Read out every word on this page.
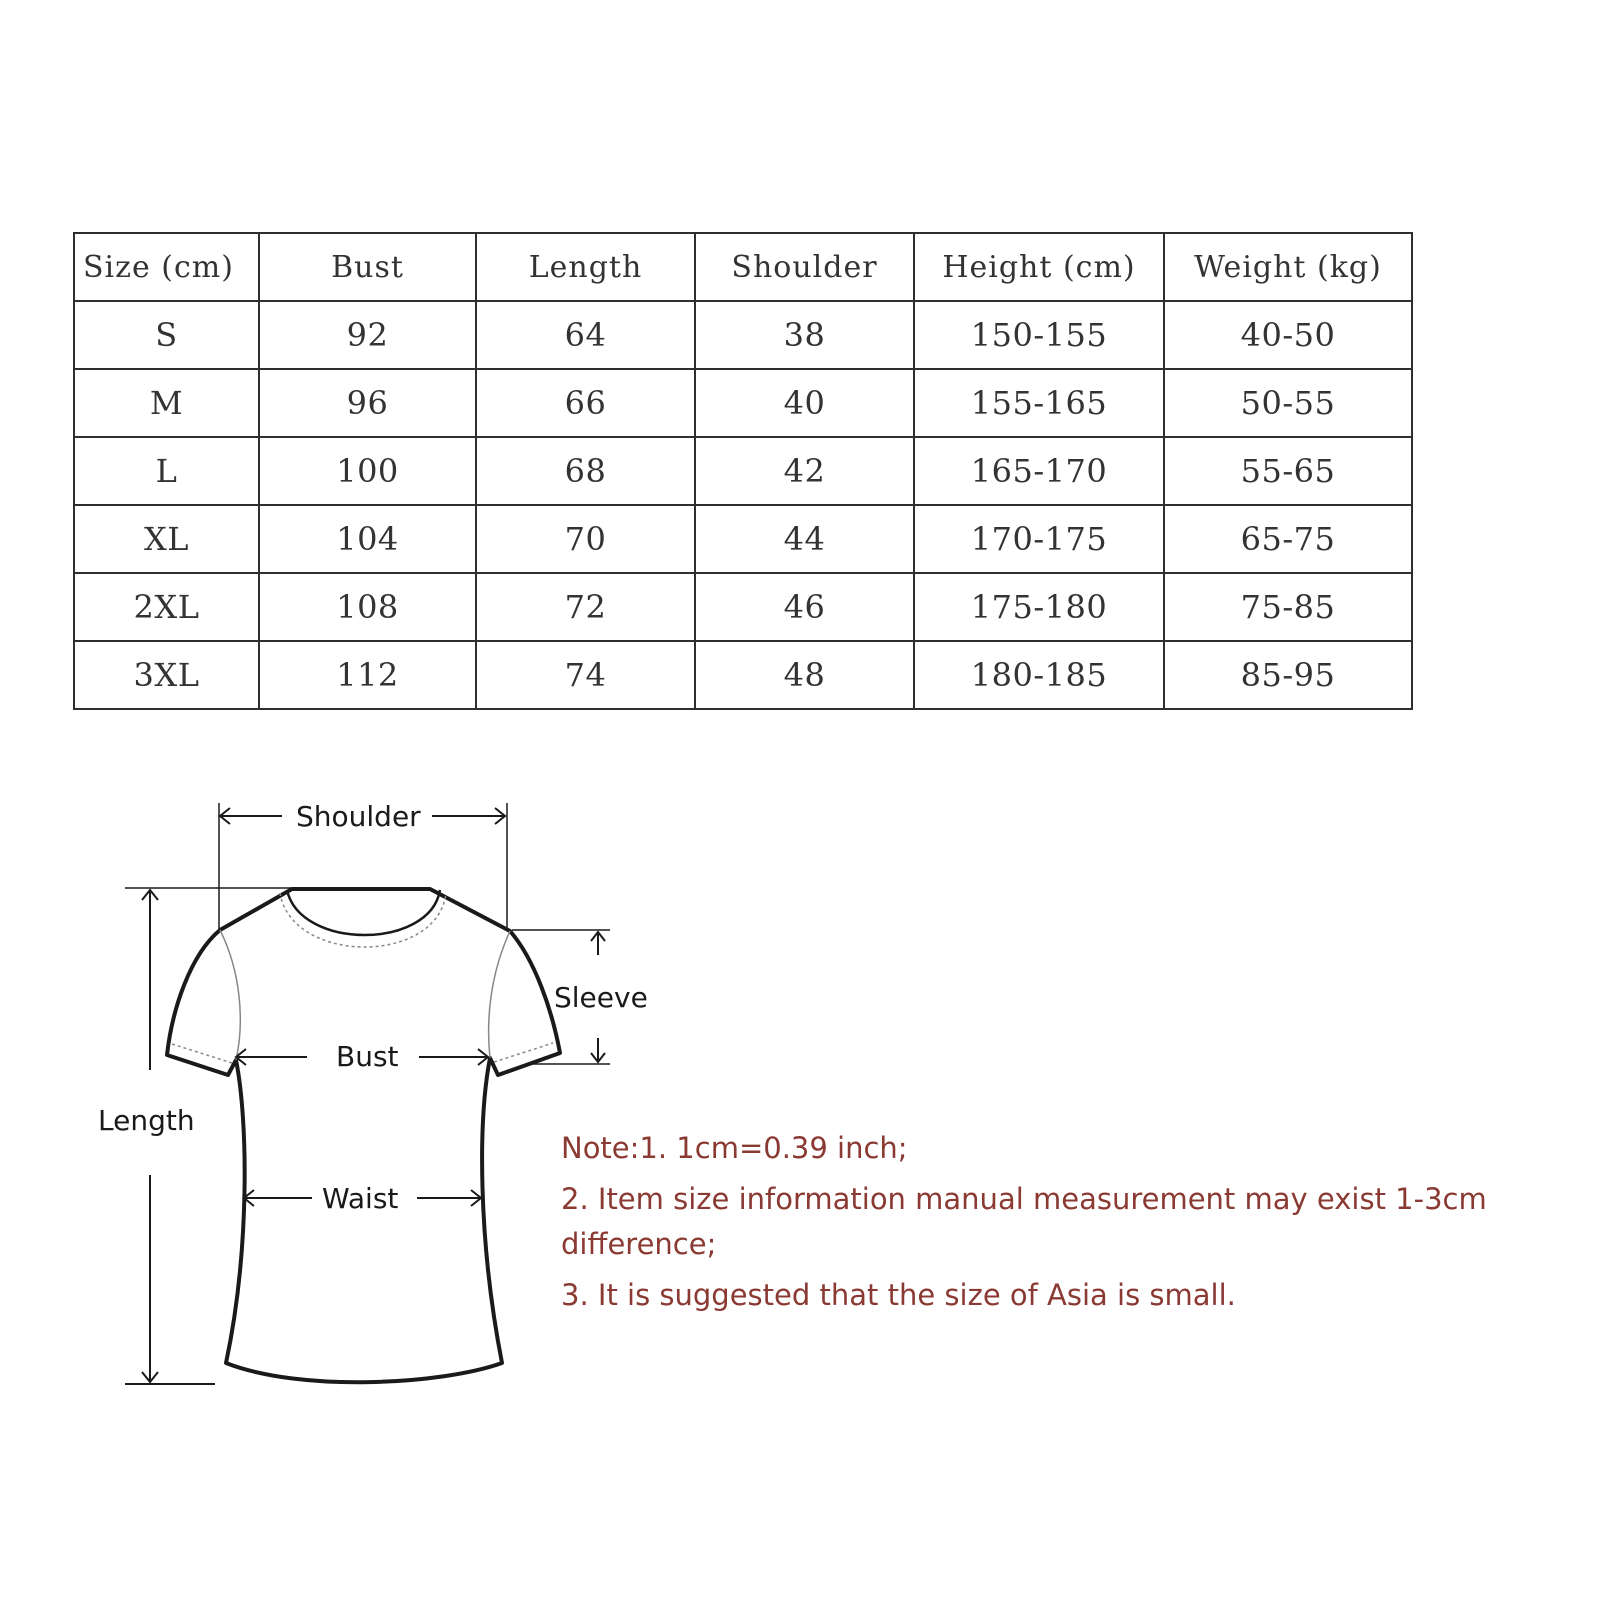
Size (cm)	Bust	Length	Shoulder	Height (cm)	Weight (kg)
S	92	64	38	150-155	40-50
M	96	66	40	155-165	50-55
L	100	68	42	165-170	55-65
XL	104	70	44	170-175	65-75
2XL	108	72	46	175-180	75-85
3XL	112	74	48	180-185	85-95
Shoulder
Length
Sleeve
Bust
Waist

Note:1. 1cm=0.39 inch;

2. Item size information manual measurement may exist 1-3cm difference;

3. It is suggested that the size of Asia is small.
